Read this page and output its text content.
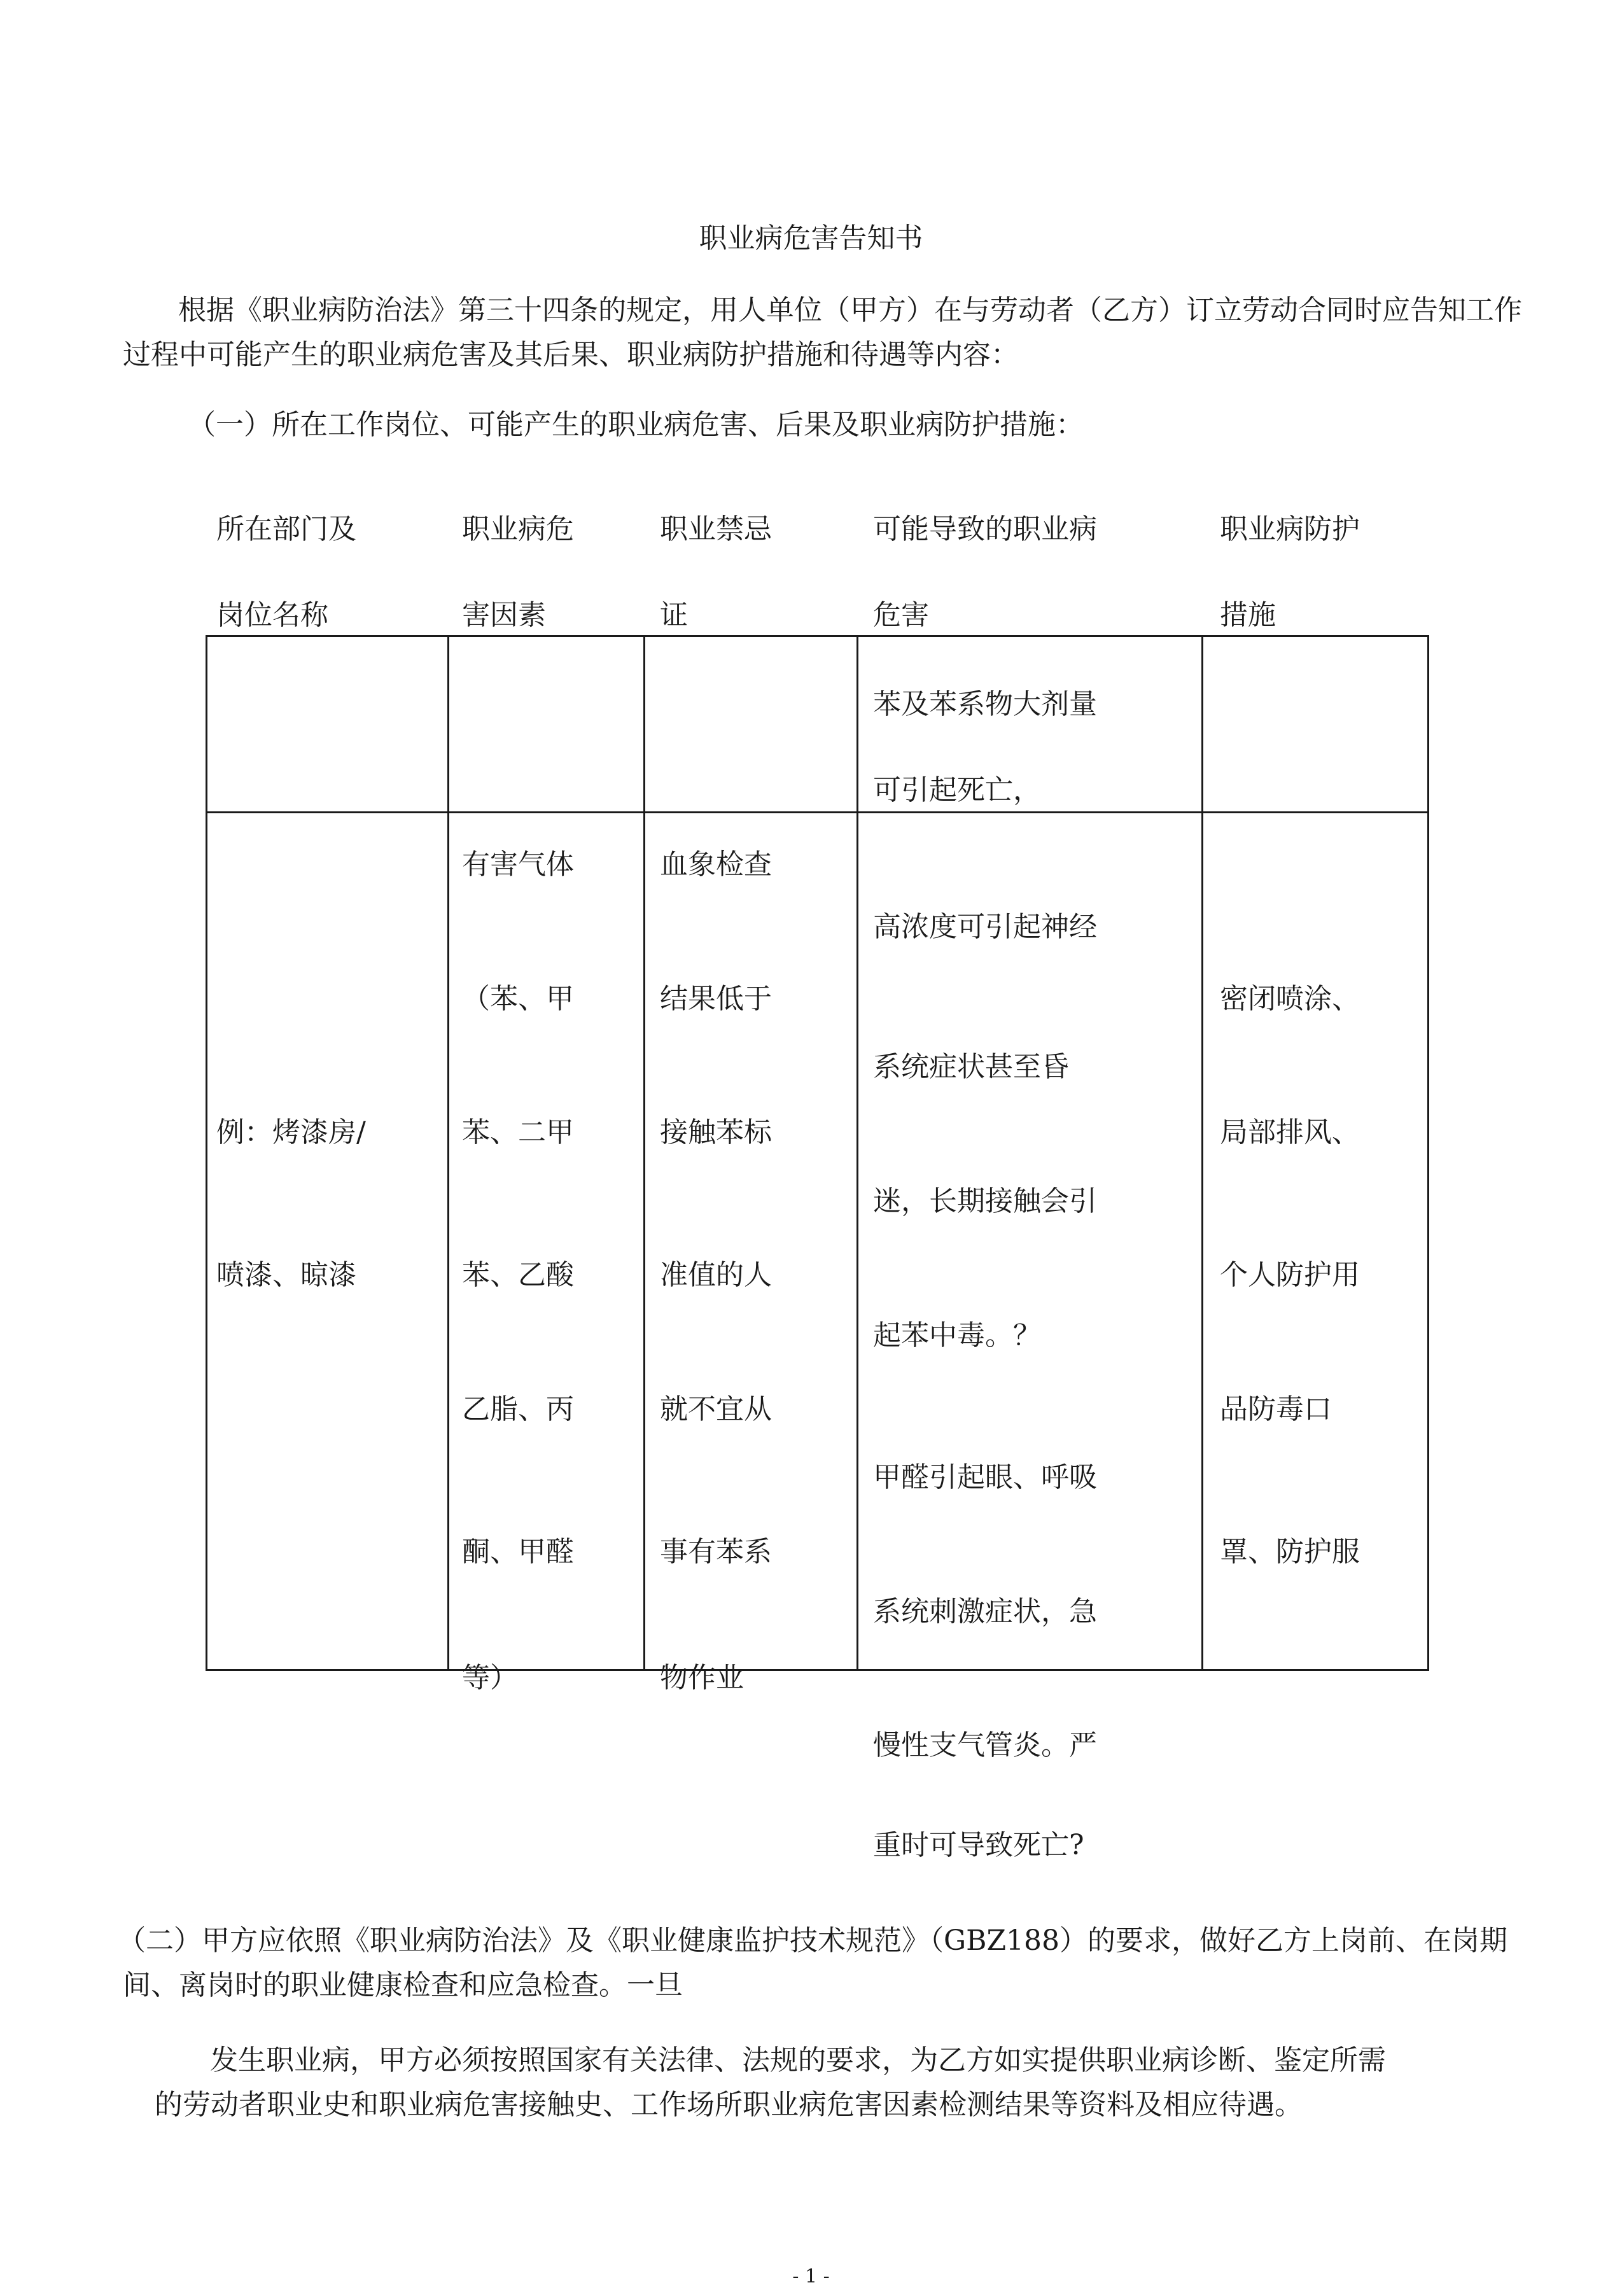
职业病危害告知书
根据《职业病防治法》第三十四条的规定，用人单位（甲方）在与劳动者（乙方）订立劳动合同时应告知工作
过程中可能产生的职业病危害及其后果、职业病防护措施和待遇等内容：
（一）所在工作岗位、可能产生的职业病危害、后果及职业病防护措施：
所在部门及
岗位名称
职业病危
害因素
职业禁忌
证
可能导致的职业病
危害
职业病防护
措施
苯及苯系物大剂量
可引起死亡，
例：烤漆房/
喷漆、晾漆
有害气体
（苯、甲
苯、二甲
苯、乙酸
乙脂、丙
酮、甲醛
等）
血象检查
结果低于
接触苯标
准值的人
就不宜从
事有苯系
物作业
高浓度可引起神经
系统症状甚至昏
迷，长期接触会引
起苯中毒。？
甲醛引起眼、呼吸
系统刺激症状，急
慢性支气管炎。严
重时可导致死亡?
密闭喷涂、
局部排风、
个人防护用
品防毒口
罩、防护服
（二）甲方应依照《职业病防治法》及《职业健康监护技术规范》（GBZ188）的要求，做好乙方上岗前、在岗期
间、离岗时的职业健康检查和应急检查。一旦
发生职业病，甲方必须按照国家有关法律、法规的要求，为乙方如实提供职业病诊断、鉴定所需
的劳动者职业史和职业病危害接触史、工作场所职业病危害因素检测结果等资料及相应待遇。
- 1 -
